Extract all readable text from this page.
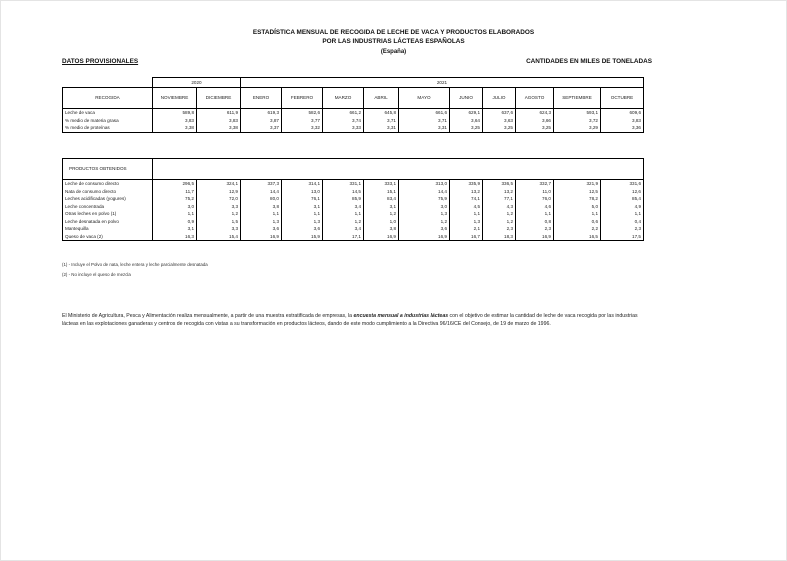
ESTADÍSTICA MENSUAL DE RECOGIDA DE LECHE DE VACA Y PRODUCTOS ELABORADOS
POR LAS INDUSTRIAS LÁCTEAS ESPAÑOLAS
(España)
DATOS PROVISIONALES	CANTIDADES EN MILES DE TONELADAS
	2020		2021									
RECOGIDA	NOVIEMBRE	DICIEMBRE	ENERO	FEBRERO	MARZO	ABRIL	MAYO	JUNIO	JULIO	AGOSTO	SEPTIEMBRE	OCTUBRE
Leche de vaca	589,8	611,9	619,3	582,6	661,2	645,8	661,6	629,1	637,6	624,3	593,1	609,6
% medio de materia grasa	3,83	3,83	3,87	3,77	3,74	3,71	3,71	3,64	3,63	3,66	3,72	3,83
% medio de proteínas	3,38	3,38	3,37	3,32	3,33	3,31	3,31	3,25	3,25	3,25	3,29	3,36
PRODUCTOS OBTENIDOS												
Leche de consumo directo	296,5	324,1	337,3	314,1	331,1	333,1	313,0	335,9	336,5	332,7	321,9	331,6
Nata de consumo directo	11,7	12,9	14,4	13,0	14,5	15,1	14,4	13,2	13,2	11,0	12,5	12,6
Leches acidificadas (yogures)	75,2	72,0	80,0	76,1	85,9	83,4	75,9	74,1	77,1	76,0	78,2	85,4
Leche concentrada	3,0	3,3	3,8	3,1	3,4	3,1	3,0	4,5	4,3	4,6	5,0	4,9
Otras leches en polvo (1)	1,1	1,2	1,1	1,1	1,1	1,2	1,3	1,1	1,2	1,1	1,1	1,1
Leche desnatada en polvo	0,9	1,5	1,3	1,3	1,2	1,0	1,2	1,3	1,2	0,8	0,6	0,4
Mantequilla	3,1	3,3	3,6	3,6	3,4	3,8	3,6	2,1	2,3	2,3	2,2	2,3
Queso de vaca (2)	16,3	15,4	16,9	15,9	17,1	16,9	16,9	16,7	18,3	16,9	16,5	17,5
(1) - Incluye el Polvo de nata, leche entera y leche parcialmente desnatada
(2) - No incluye el queso de mezcla
El Ministerio de Agricultura, Pesca y Alimentación realiza mensualmente, a partir de una muestra estratificada de empresas, la encuesta mensual a industrias lácteas con el objetivo de estimar la cantidad de leche de vaca recogida por las industrias lácteas en las explotaciones ganaderas y centros de recogida con vistas a su transformación en productos lácteos, dando de este modo cumplimiento a la Directiva 96/16/CE del Consejo, de 19 de marzo de 1996.
